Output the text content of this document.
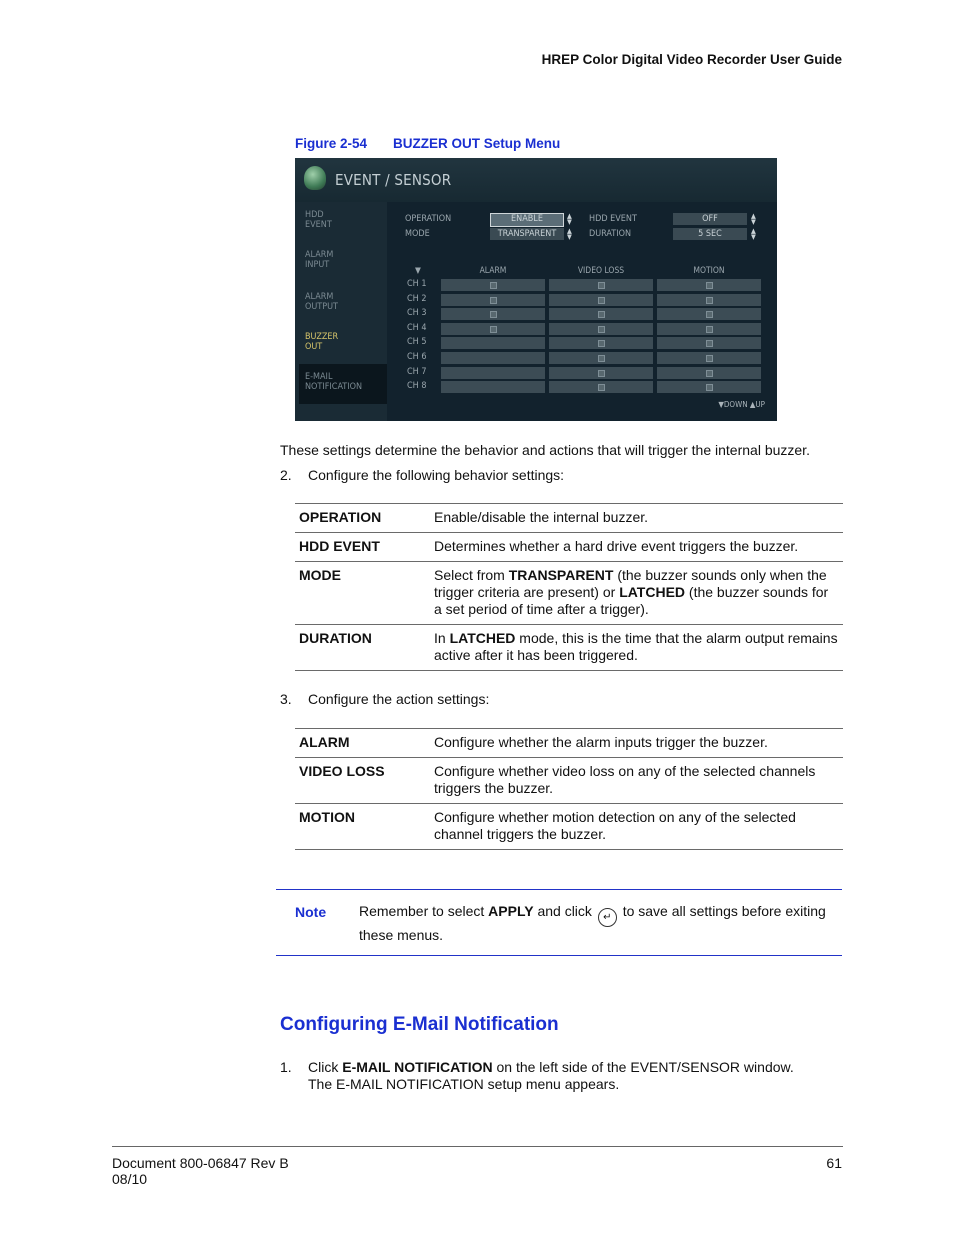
HREP Color Digital Video Recorder User Guide
Figure 2-54 BUZZER OUT Setup Menu
EVENT / SENSOR
HDD
EVENT
ALARM
INPUT
ALARM
OUTPUT
BUZZER
OUT
E-MAIL
NOTIFICATION
OPERATION	ENABLE	▲
▼
MODE	TRANSPARENT	▲
▼
HDD EVENT	OFF	▲
▼
DURATION	5 SEC	▲
▼
▼	ALARM	VIDEO LOSS	MOTION
CH 1
CH 2
CH 3
CH 4
CH 5
CH 6
CH 7
CH 8
▼DOWN ▲UP
These settings determine the behavior and actions that will trigger the internal buzzer.
2. Configure the following behavior settings:
OPERATION	Enable/disable the internal buzzer.
HDD EVENT	Determines whether a hard drive event triggers the buzzer.
MODE	Select from TRANSPARENT (the buzzer sounds only when the trigger criteria are present) or LATCHED (the buzzer sounds for a set period of time after a trigger).
DURATION	In LATCHED mode, this is the time that the alarm output remains active after it has been triggered.
3. Configure the action settings:
ALARM	Configure whether the alarm inputs trigger the buzzer.
VIDEO LOSS	Configure whether video loss on any of the selected channels triggers the buzzer.
MOTION	Configure whether motion detection on any of the selected channel triggers the buzzer.
Note Remember to select APPLY and click ↵ to save all settings before exiting these menus.
Configuring E-Mail Notification
1. Click E-MAIL NOTIFICATION on the left side of the EVENT/SENSOR window.
The E-MAIL NOTIFICATION setup menu appears.
Document 800-06847 Rev B
08/10
61
